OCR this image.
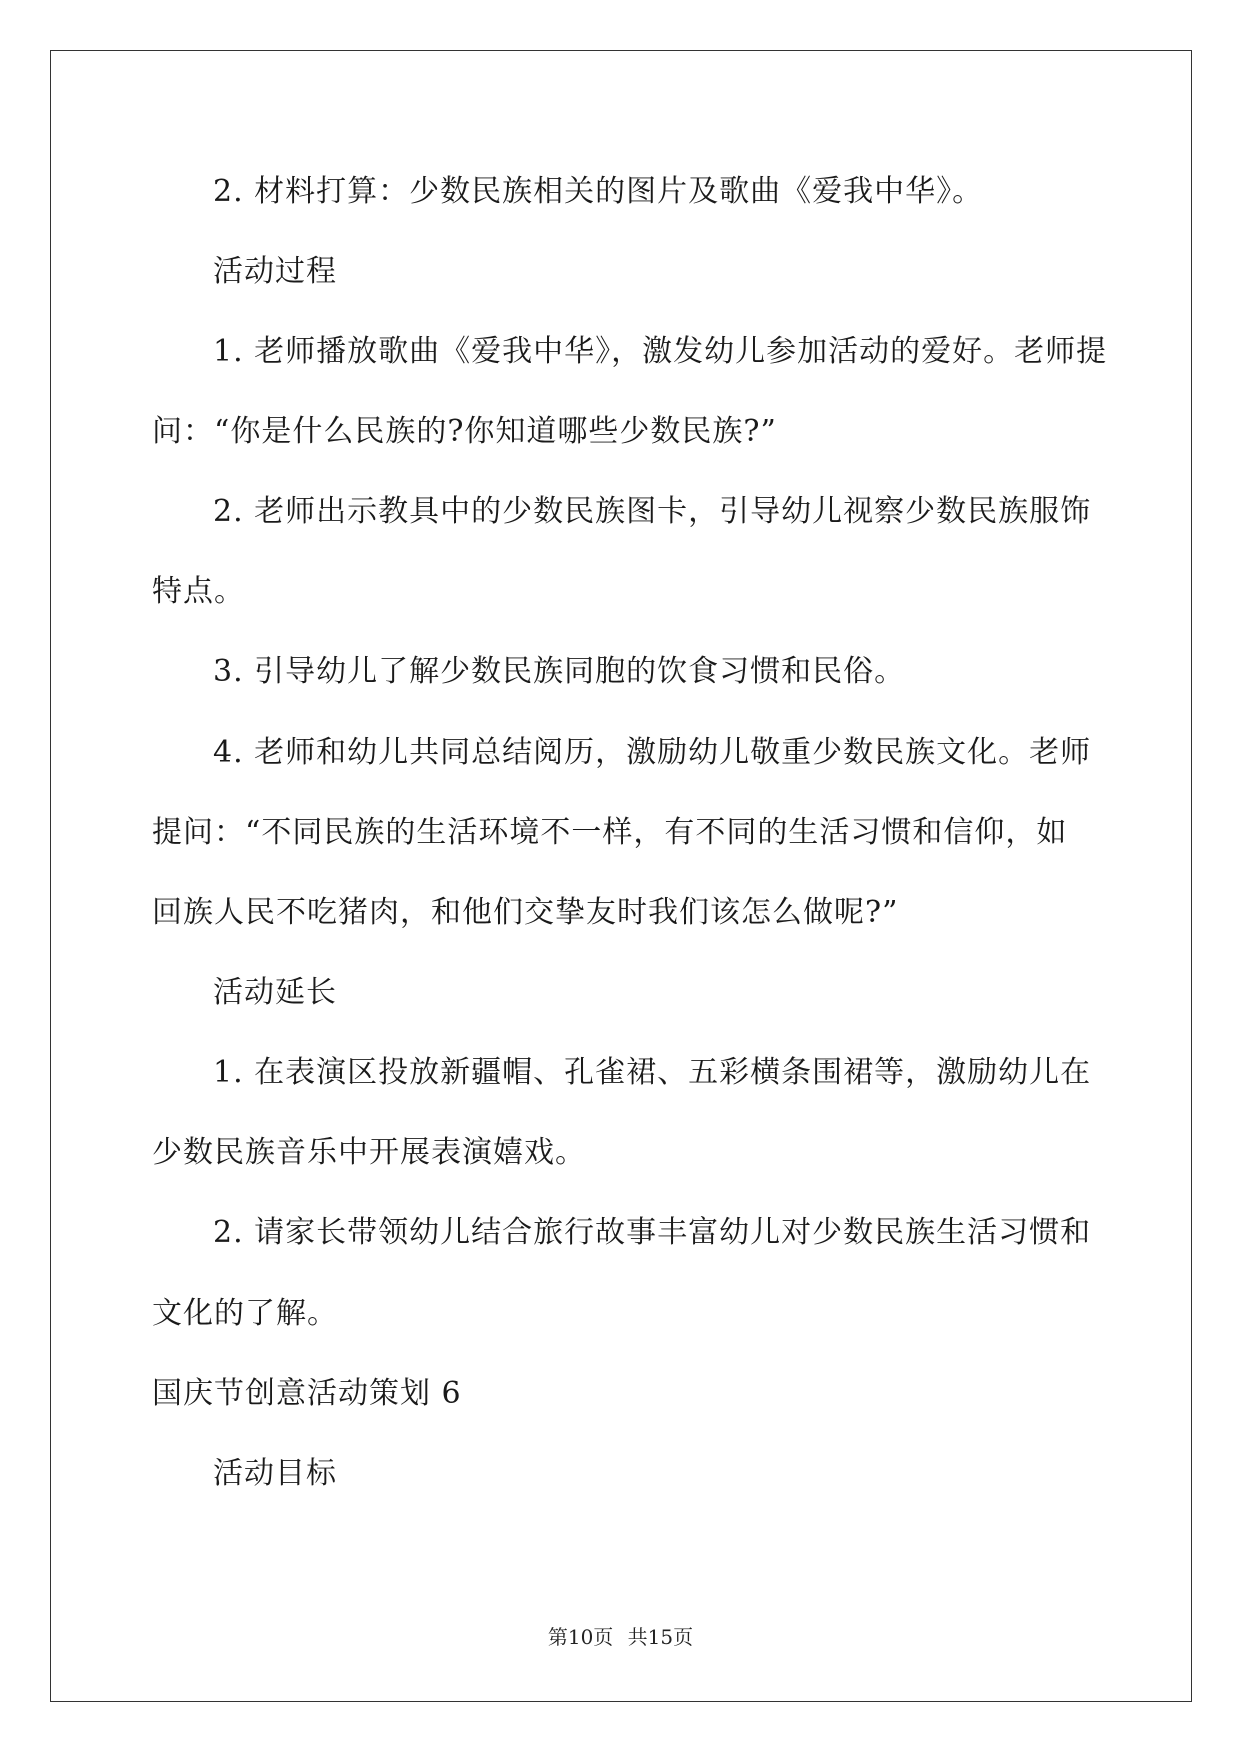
2. 材料打算：少数民族相关的图片及歌曲《爱我中华》。
活动过程
1. 老师播放歌曲《爱我中华》，激发幼儿参加活动的爱好。老师提
问：“你是什么民族的?你知道哪些少数民族?”
2. 老师出示教具中的少数民族图卡，引导幼儿视察少数民族服饰
特点。
3. 引导幼儿了解少数民族同胞的饮食习惯和民俗。
4. 老师和幼儿共同总结阅历，激励幼儿敬重少数民族文化。老师
提问：“不同民族的生活环境不一样，有不同的生活习惯和信仰，如
回族人民不吃猪肉，和他们交挚友时我们该怎么做呢?”
活动延长
1. 在表演区投放新疆帽、孔雀裙、五彩横条围裙等，激励幼儿在
少数民族音乐中开展表演嬉戏。
2. 请家长带领幼儿结合旅行故事丰富幼儿对少数民族生活习惯和
文化的了解。
国庆节创意活动策划 6
活动目标
第10页 共15页
